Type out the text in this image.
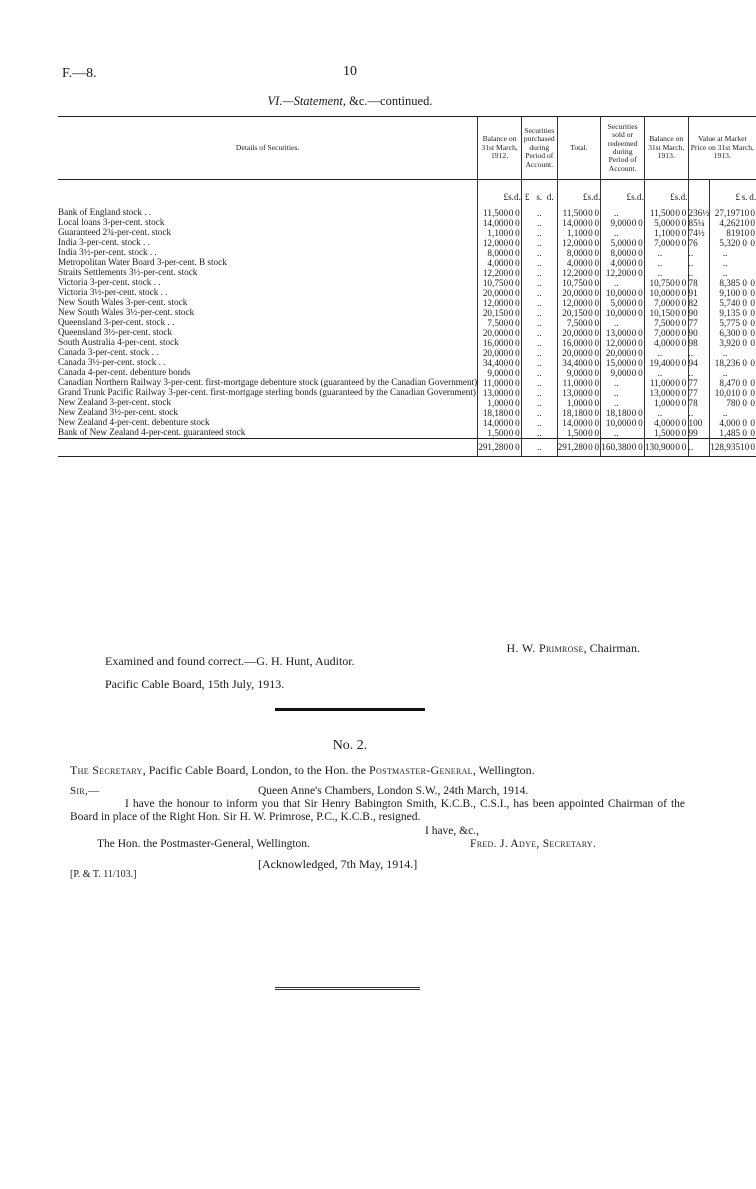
F.—8.	10
VI.—Statement, &c.—continued.
Details of Securities.	Balance on 31st March, 1912.			Securities purchased during Period of Account.	Total.			Securities sold or redeemed during Period of Account.			Balance on 31st March, 1913.			Value at Market Price on 31st March, 1913.			
	£	s.	d.	£ s. d.	£	s.	d.	£	s.	d.	£	s.	d.		£	s.	d.

Bank of England stock . .	11,500	0	0	..	11,500	0	0	..			11,500	0	0	236½	27,197	10	0
Local loans 3-per-cent. stock	14,000	0	0	..	14,000	0	0	9,000	0	0	5,000	0	0	85¼	4,262	10	0
Guaranteed 2¾-per-cent. stock	1,100	0	0	..	1,100	0	0	..			1,100	0	0	74½	819	10	0
India 3-per-cent. stock . .	12,000	0	0	..	12,000	0	0	5,000	0	0	7,000	0	0	76	5,320	0	0
India 3½-per-cent. stock . .	8,000	0	0	..	8,000	0	0	8,000	0	0	..			..	..		
Metropolitan Water Board 3-per-cent. B stock	4,000	0	0	..	4,000	0	0	4,000	0	0	..			..	..		
Straits Settlements 3½-per-cent. stock	12,200	0	0	..	12,200	0	0	12,200	0	0	..			..	..		
Victoria 3-per-cent. stock . .	10,750	0	0	..	10,750	0	0	..			10,750	0	0	78	8,385	0	0
Victoria 3½-per-cent. stock . .	20,000	0	0	..	20,000	0	0	10,000	0	0	10,000	0	0	91	9,100	0	0
New South Wales 3-per-cent. stock	12,000	0	0	..	12,000	0	0	5,000	0	0	7,000	0	0	82	5,740	0	0
New South Wales 3½-per-cent. stock	20,150	0	0	..	20,150	0	0	10,000	0	0	10,150	0	0	90	9,135	0	0
Queensland 3-per-cent. stock . .	7,500	0	0	..	7,500	0	0	..			7,500	0	0	77	5,775	0	0
Queensland 3½-per-cent. stock	20,000	0	0	..	20,000	0	0	13,000	0	0	7,000	0	0	90	6,300	0	0
South Australia 4-per-cent. stock	16,000	0	0	..	16,000	0	0	12,000	0	0	4,000	0	0	98	3,920	0	0
Canada 3-per-cent. stock . .	20,000	0	0	..	20,000	0	0	20,000	0	0	..			..	..		
Canada 3½-per-cent. stock . .	34,400	0	0	..	34,400	0	0	15,000	0	0	19,400	0	0	94	18,236	0	0
Canada 4-per-cent. debenture bonds	9,000	0	0	..	9,000	0	0	9,000	0	0	..			..	..		
Canadian Northern Railway 3-per-cent. first-mortgage debenture stock (guaranteed by the Canadian Government)	11,000	0	0	..	11,000	0	0	..			11,000	0	0	77	8,470	0	0
Grand Trunk Pacific Railway 3-per-cent. first-mortgage sterling bonds (guaranteed by the Canadian Government)	13,000	0	0	..	13,000	0	0	..			13,000	0	0	77	10,010	0	0
New Zealand 3-per-cent. stock	1,000	0	0	..	1,000	0	0	..			1,000	0	0	78	780	0	0
New Zealand 3½-per-cent. stock	18,180	0	0	..	18,180	0	0	18,180	0	0	..			..	..		
New Zealand 4-per-cent. debenture stock	14,000	0	0	..	14,000	0	0	10,000	0	0	4,000	0	0	100	4,000	0	0
Bank of New Zealand 4-per-cent. guaranteed stock	1,500	0	0	..	1,500	0	0	..			1,500	0	0	99	1,485	0	0
	291,280	0	0	..	291,280	0	0	160,380	0	0	130,900	0	0	..	128,935	10	0
H. W. Primrose, Chairman.
Examined and found correct.—G. H. Hunt, Auditor.
Pacific Cable Board, 15th July, 1913.
No. 2.
The Secretary, Pacific Cable Board, London, to the Hon. the Postmaster-General, Wellington.
Sir,—	Queen Anne's Chambers, London S.W., 24th March, 1914.
I have the honour to inform you that Sir Henry Babington Smith, K.C.B., C.S.I., has been appointed Chairman of the Board in place of the Right Hon. Sir H. W. Primrose, P.C., K.C.B., resigned.
I have, &c.,
The Hon. the Postmaster-General, Wellington.	Fred. J. Adye, Secretary.
[Acknowledged, 7th May, 1914.]
[P. & T. 11/103.]
